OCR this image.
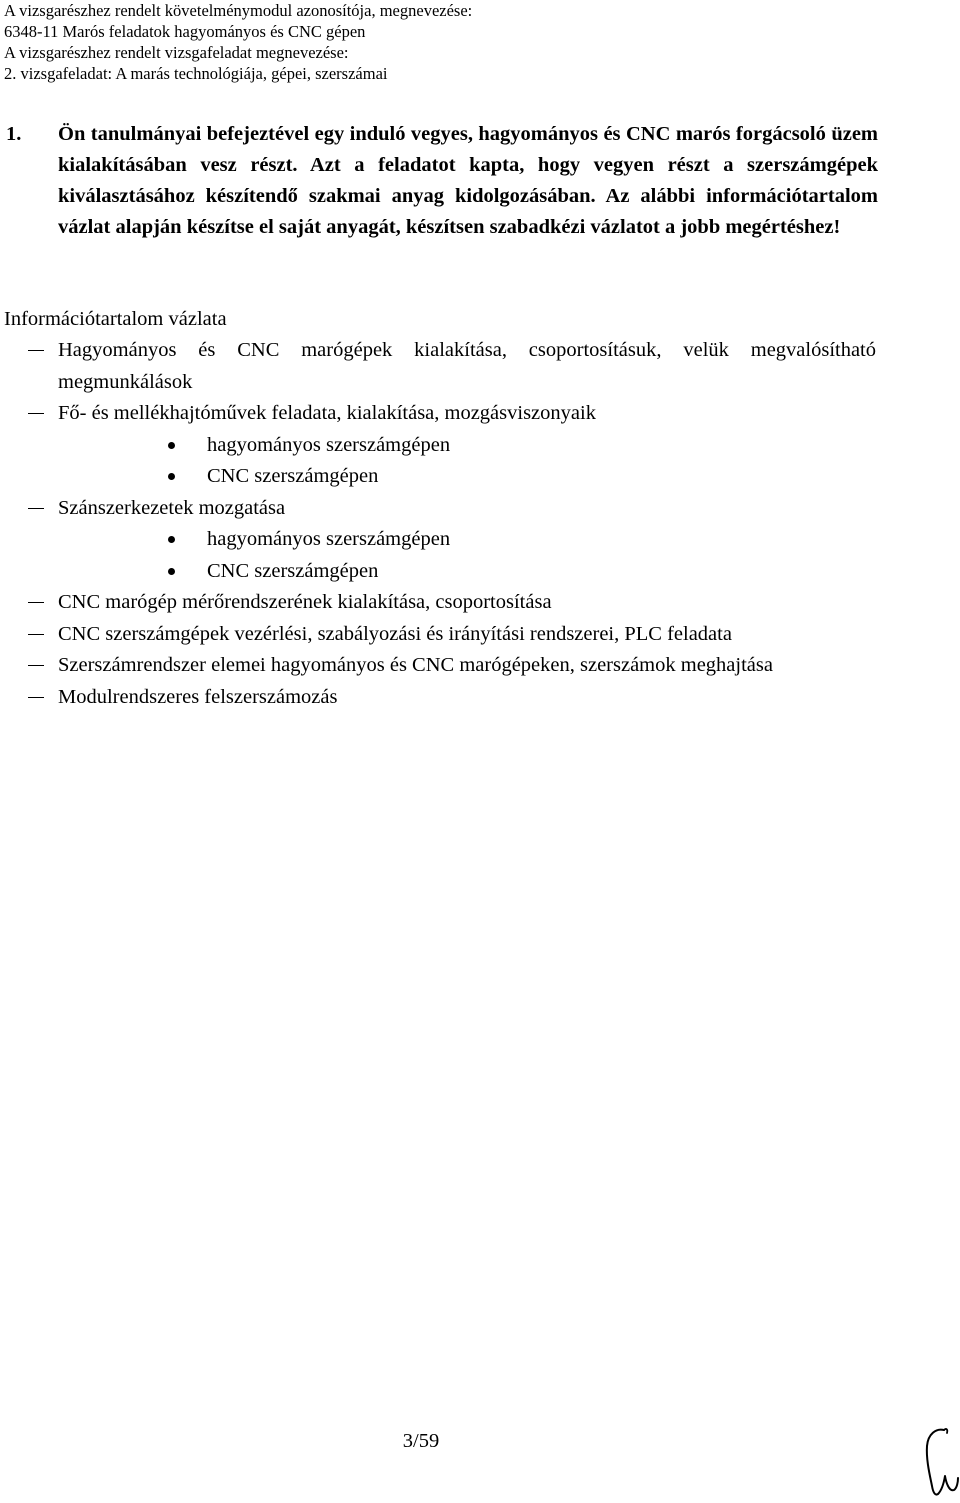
A vizsgarészhez rendelt követelménymodul azonosítója, megnevezése:
6348-11 Marós feladatok hagyományos és CNC gépen
A vizsgarészhez rendelt vizsgafeladat megnevezése:
2. vizsgafeladat: A marás technológiája, gépei, szerszámai
1. Ön tanulmányai befejeztével egy induló vegyes, hagyományos és CNC marós forgácsoló üzem kialakításában vesz részt. Azt a feladatot kapta, hogy vegyen részt a szerszámgépek kiválasztásához készítendő szakmai anyag kidolgozásában. Az alábbi információtartalom vázlat alapján készítse el saját anyagát, készítsen szabadkézi vázlatot a jobb megértéshez!
Információtartalom vázlata
Hagyományos és CNC marógépek kialakítása, csoportosításuk, velük megvalósítható megmunkálások
Fő- és mellékhajtóművek feladata, kialakítása, mozgásviszonyaik
hagyományos szerszámgépen
CNC szerszámgépen
Szánszerkezetek mozgatása
hagyományos szerszámgépen
CNC szerszámgépen
CNC marógép mérőrendszerének kialakítása, csoportosítása
CNC szerszámgépek vezérlési, szabályozási és irányítási rendszerei, PLC feladata
Szerszámrendszer elemei hagyományos és CNC marógépeken, szerszámok meghajtása
Modulrendszeres felszerszámozás
3/59
